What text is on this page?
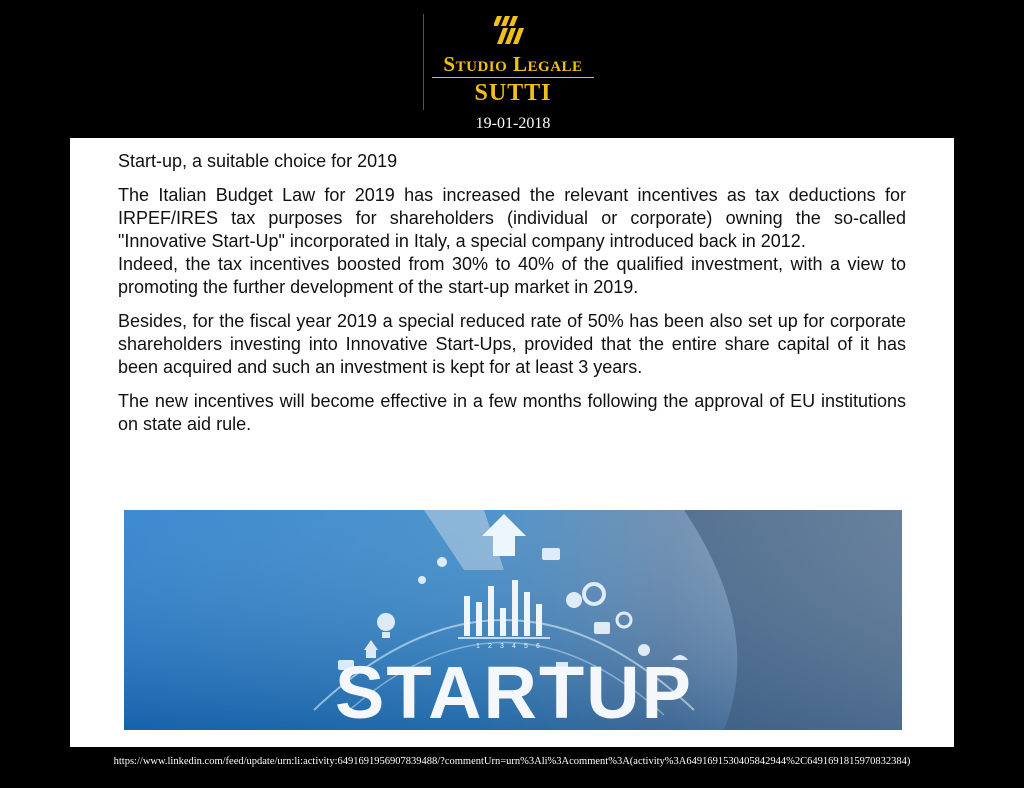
Studio Legale
SUTTI
19-01-2018

Start-up, a suitable choice for 2019

The Italian Budget Law for 2019 has increased the relevant incentives as tax deductions for IRPEF/IRES tax purposes for shareholders (individual or corporate) owning the so-called "Innovative Start-Up" incorporated in Italy, a special company introduced back in 2012.

Indeed, the tax incentives boosted from 30% to 40% of the qualified investment, with a view to promoting the further development of the start-up market in 2019.

Besides, for the fiscal year 2019 a special reduced rate of 50% has been also set up for corporate shareholders investing into Innovative Start-Ups, provided that the entire share capital of it has been acquired and such an investment is kept for at least 3 years.

The new incentives will become effective in a few months following the approval of EU institutions on state aid rule.

1 2 3 4 5 6
STARTUP
https://www.linkedin.com/feed/update/urn:li:activity:6491691956907839488/?commentUrn=urn%3Ali%3Acomment%3A(activity%3A6491691530405842944%2C6491691815970832384)
